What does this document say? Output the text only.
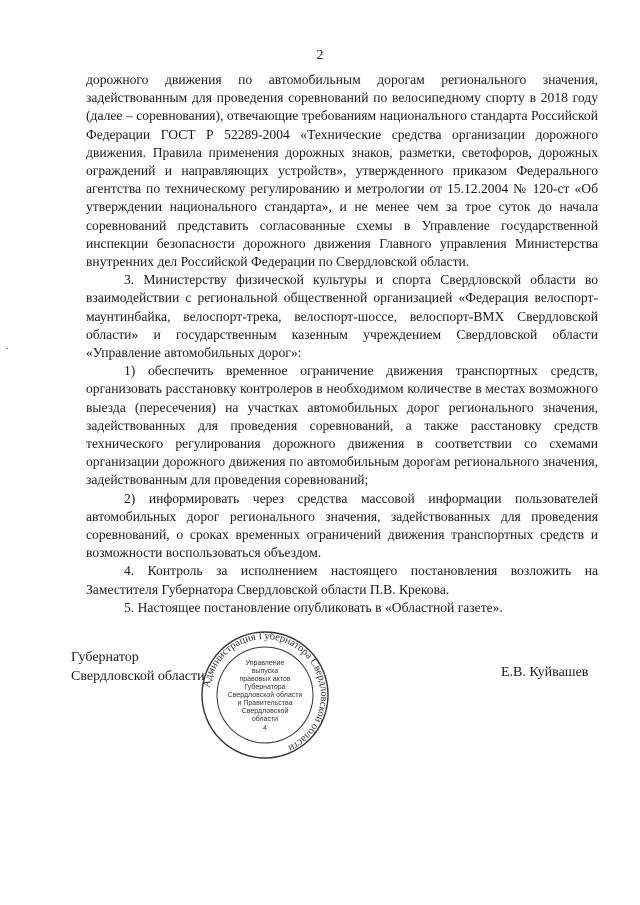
2

дорожного движения по автомобильным дорогам регионального значения, задействованным для проведения соревнований по велосипедному спорту в 2018 году (далее – соревнования), отвечающие требованиям национального стандарта Российской Федерации ГОСТ Р 52289-2004 «Технические средства организации дорожного движения. Правила применения дорожных знаков, разметки, светофоров, дорожных ограждений и направляющих устройств», утвержденного приказом Федерального агентства по техническому регулированию и метрологии от 15.12.2004 № 120-ст «Об утверждении национального стандарта», и не менее чем за трое суток до начала соревнований представить согласованные схемы в Управление государственной инспекции безопасности дорожного движения Главного управления Министерства внутренних дел Российской Федерации по Свердловской области.

3. Министерству физической культуры и спорта Свердловской области во взаимодействии с региональной общественной организацией «Федерация велоспорт-маунтинбайка, велоспорт-трека, велоспорт-шоссе, велоспорт-BMX Свердловской области» и государственным казенным учреждением Свердловской области «Управление автомобильных дорог»:

1) обеспечить временное ограничение движения транспортных средств, организовать расстановку контролеров в необходимом количестве в местах возможного выезда (пересечения) на участках автомобильных дорог регионального значения, задействованных для проведения соревнований, а также расстановку средств технического регулирования дорожного движения в соответствии со схемами организации дорожного движения по автомобильным дорогам регионального значения, задействованным для проведения соревнований;

2) информировать через средства массовой информации пользователей автомобильных дорог регионального значения, задействованных для проведения соревнований, о сроках временных ограничений движения транспортных средств и возможности воспользоваться объездом.

4. Контроль за исполнением настоящего постановления возложить на Заместителя Губернатора Свердловской области П.В. Крекова.

5. Настоящее постановление опубликовать в «Областной газете».

Губернатор
Свердловской области	Е.В. Куйвашев
Администрация Губернатора Свердловской области
Управление
выпуска
правовых актов
Губернатора
Свердловской области
и Правительства
Свердловской
области
4
.
